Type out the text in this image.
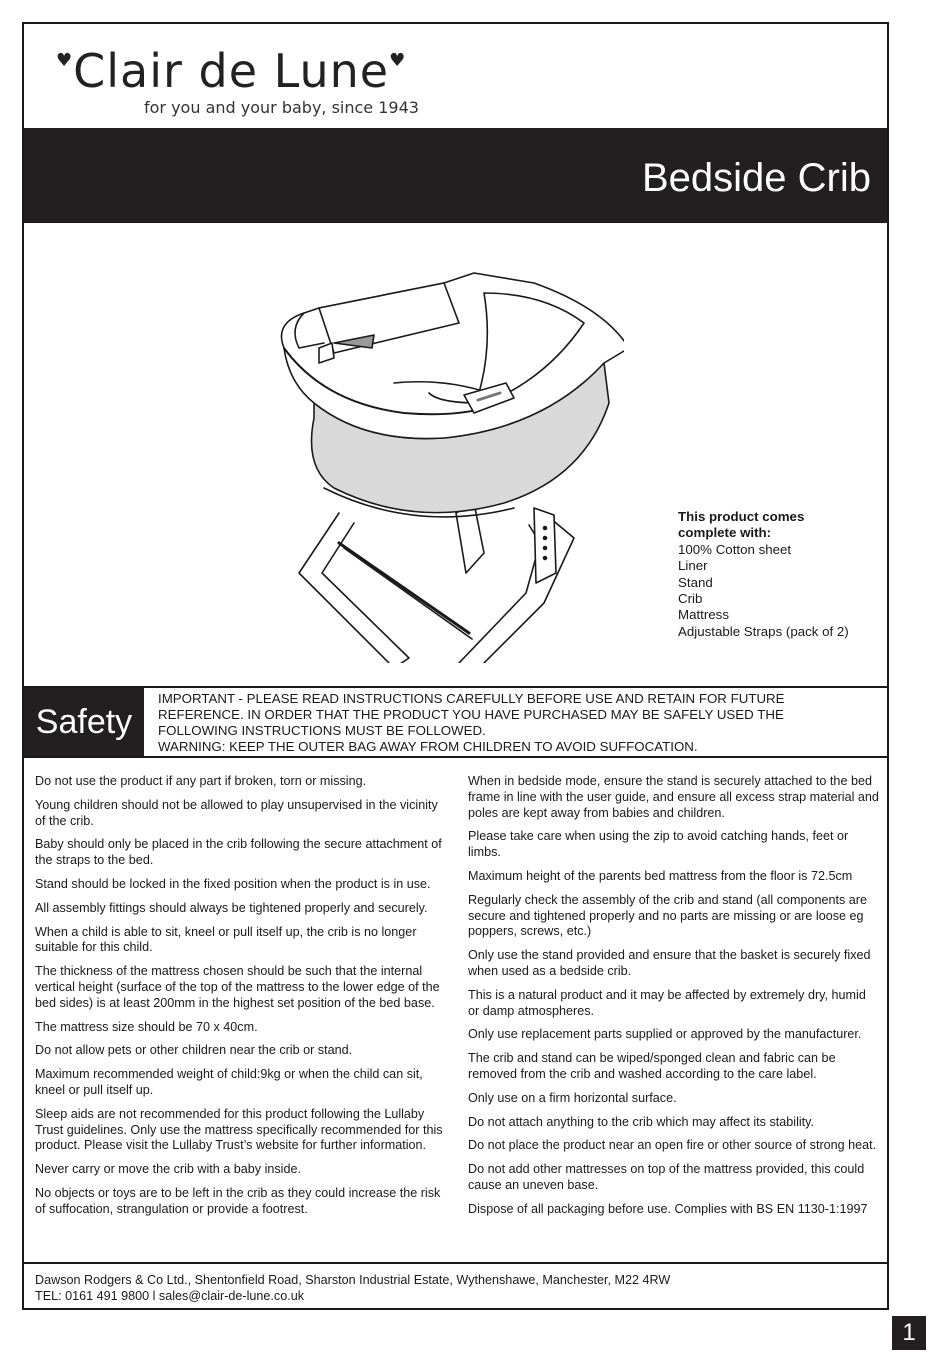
♥Clair de Lune♥
for you and your baby, since 1943
Bedside Crib
This product comes
complete with:
100% Cotton sheet
Liner
Stand
Crib
Mattress
Adjustable Straps (pack of 2)
Safety
IMPORTANT - PLEASE READ INSTRUCTIONS CAREFULLY BEFORE USE AND RETAIN FOR FUTURE
REFERENCE. IN ORDER THAT THE PRODUCT YOU HAVE PURCHASED MAY BE SAFELY USED THE
FOLLOWING INSTRUCTIONS MUST BE FOLLOWED.
WARNING: KEEP THE OUTER BAG AWAY FROM CHILDREN TO AVOID SUFFOCATION.

Do not use the product if any part if broken, torn or missing.

Young children should not be allowed to play unsupervised in the vicinity of the crib.

Baby should only be placed in the crib following the secure attachment of the straps to the bed.

Stand should be locked in the fixed position when the product is in use.

All assembly fittings should always be tightened properly and securely.

When a child is able to sit, kneel or pull itself up, the crib is no longer suitable for this child.

The thickness of the mattress chosen should be such that the internal vertical height (surface of the top of the mattress to the lower edge of the bed sides) is at least 200mm in the highest set position of the bed base.

The mattress size should be 70 x 40cm.

Do not allow pets or other children near the crib or stand.

Maximum recommended weight of child:9kg or when the child can sit, kneel or pull itself up.

Sleep aids are not recommended for this product following the Lullaby Trust guidelines. Only use the mattress specifically recommended for this product. Please visit the Lullaby Trust’s website for further information.

Never carry or move the crib with a baby inside.

No objects or toys are to be left in the crib as they could increase the risk of suffocation, strangulation or provide a footrest.

When in bedside mode, ensure the stand is securely attached to the bed frame in line with the user guide, and ensure all excess strap material and poles are kept away from babies and children.

Please take care when using the zip to avoid catching hands, feet or limbs.

Maximum height of the parents bed mattress from the floor is 72.5cm

Regularly check the assembly of the crib and stand (all components are secure and tightened properly and no parts are missing or are loose eg poppers, screws, etc.)

Only use the stand provided and ensure that the basket is securely fixed when used as a bedside crib.

This is a natural product and it may be affected by extremely dry, humid or damp atmospheres.

Only use replacement parts supplied or approved by the manufacturer.

The crib and stand can be wiped/sponged clean and fabric can be removed from the crib and washed according to the care label.

Only use on a firm horizontal surface.

Do not attach anything to the crib which may affect its stability.

Do not place the product near an open fire or other source of strong heat.

Do not add other mattresses on top of the mattress provided, this could cause an uneven base.

Dispose of all packaging before use. Complies with BS EN 1130-1:1997

Dawson Rodgers & Co Ltd., Shentonfield Road, Sharston Industrial Estate, Wythenshawe, Manchester, M22 4RW
TEL: 0161 491 9800 l sales@clair-de-lune.co.uk
1
